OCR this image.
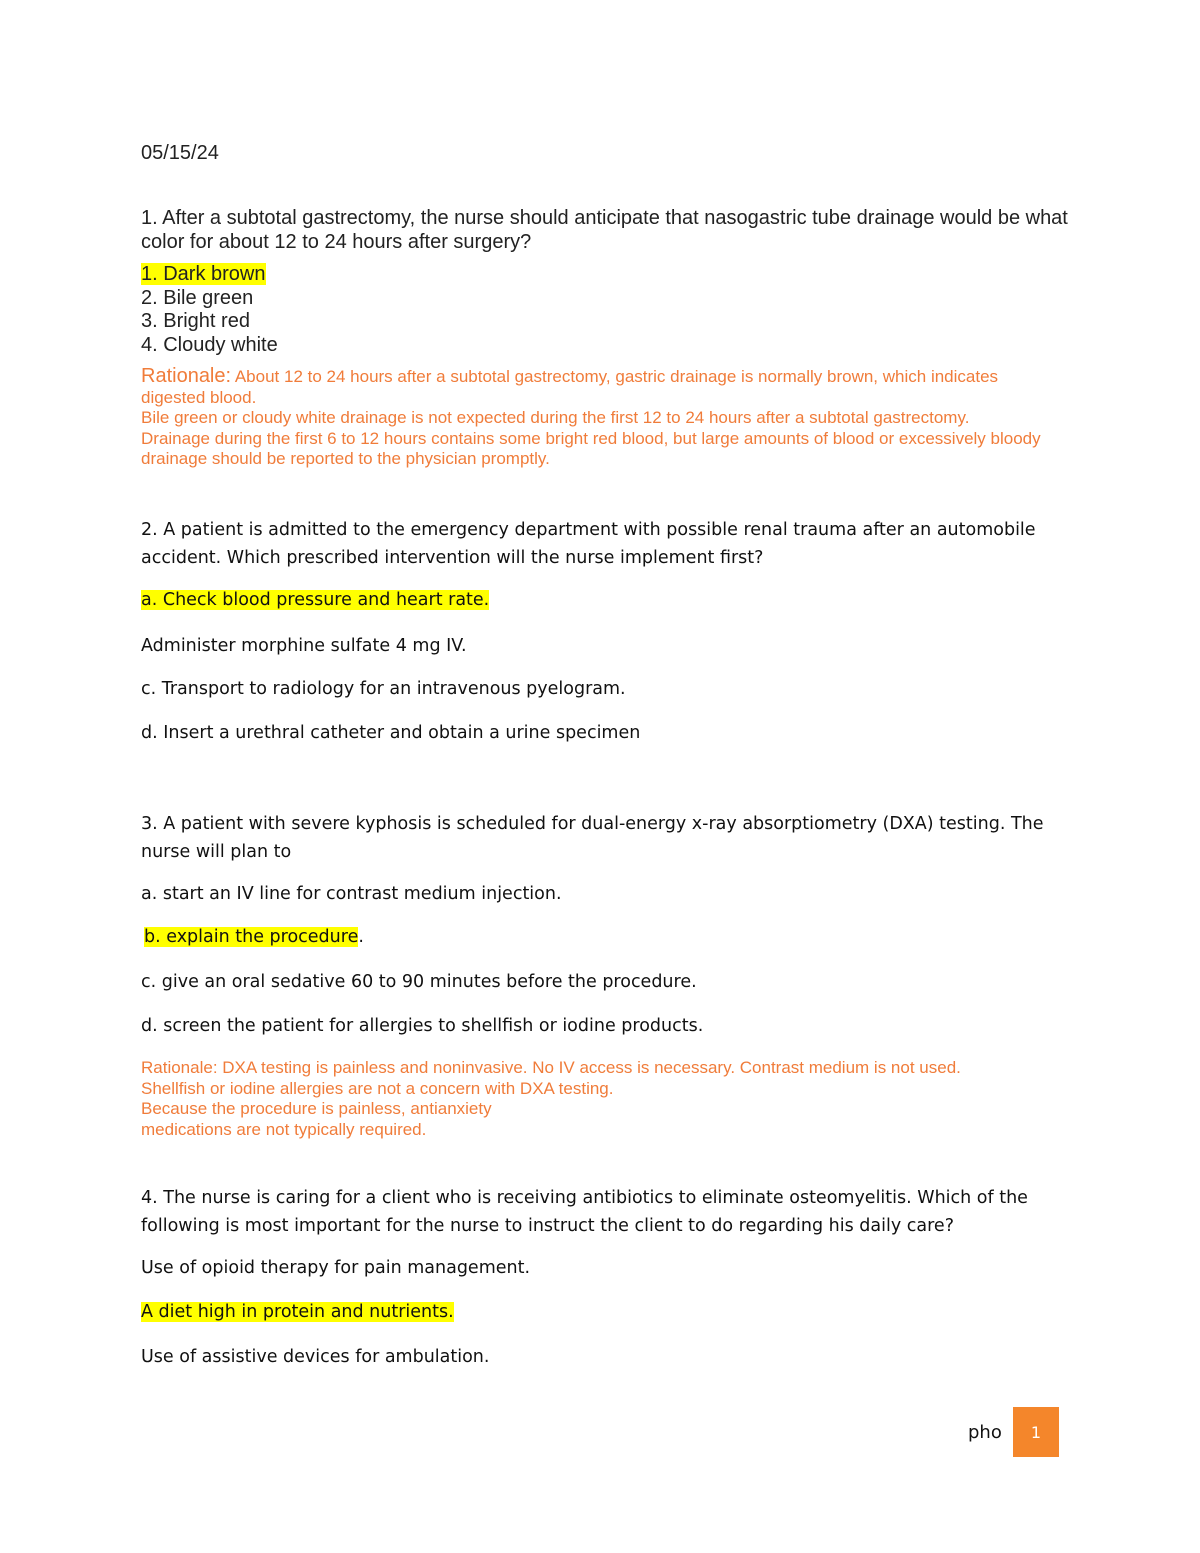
05/15/24
1. After a subtotal gastrectomy, the nurse should anticipate that nasogastric tube drainage would be what color for about 12 to 24 hours after surgery?
1. Dark brown
2. Bile green
3. Bright red
4. Cloudy white
Rationale: About 12 to 24 hours after a subtotal gastrectomy, gastric drainage is normally brown, which indicates digested blood.
Bile green or cloudy white drainage is not expected during the first 12 to 24 hours after a subtotal gastrectomy.
Drainage during the first 6 to 12 hours contains some bright red blood, but large amounts of blood or excessively bloody drainage should be reported to the physician promptly.
2. A patient is admitted to the emergency department with possible renal trauma after an automobile accident. Which prescribed intervention will the nurse implement first?
a. Check blood pressure and heart rate.
Administer morphine sulfate 4 mg IV.
c. Transport to radiology for an intravenous pyelogram.
d. Insert a urethral catheter and obtain a urine specimen
3. A patient with severe kyphosis is scheduled for dual-energy x-ray absorptiometry (DXA) testing. The nurse will plan to
a. start an IV line for contrast medium injection.
b. explain the procedure.
c. give an oral sedative 60 to 90 minutes before the procedure.
d. screen the patient for allergies to shellfish or iodine products.
Rationale: DXA testing is painless and noninvasive. No IV access is necessary. Contrast medium is not used.
Shellfish or iodine allergies are not a concern with DXA testing.
Because the procedure is painless, antianxiety
medications are not typically required.
4. The nurse is caring for a client who is receiving antibiotics to eliminate osteomyelitis. Which of the following is most important for the nurse to instruct the client to do regarding his daily care?
Use of opioid therapy for pain management.
A diet high in protein and nutrients.
Use of assistive devices for ambulation.
pho	1
